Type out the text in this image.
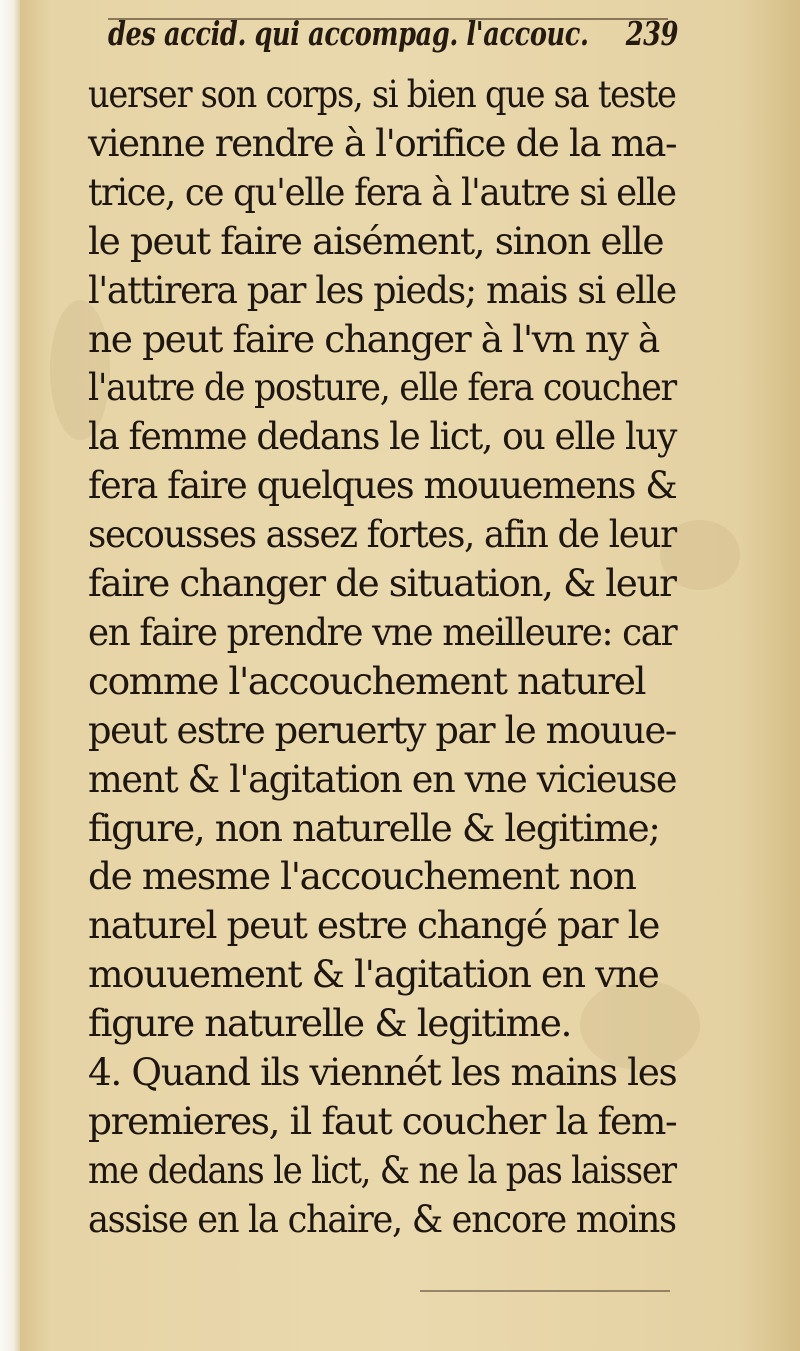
des accid. qui accompag. l'accouc. 239
uerser son corps, si bien que sa teste
vienne rendre à l'orifice de la ma-
trice, ce qu'elle fera à l'autre si elle
le peut faire aisément, sinon elle
l'attirera par les pieds; mais si elle
ne peut faire changer à l'vn ny à
l'autre de posture, elle fera coucher
la femme dedans le lict, ou elle luy
fera faire quelques mouuemens &
secousses assez fortes, afin de leur
faire changer de situation, & leur
en faire prendre vne meilleure: car
comme l'accouchement naturel
peut estre peruerty par le mouue-
ment & l'agitation en vne vicieuse
figure, non naturelle & legitime;
de mesme l'accouchement non
naturel peut estre changé par le
mouuement & l'agitation en vne
figure naturelle & legitime.
4. Quand ils viennét les mains les
premieres, il faut coucher la fem-
me dedans le lict, & ne la pas laisser
assise en la chaire, & encore moins
